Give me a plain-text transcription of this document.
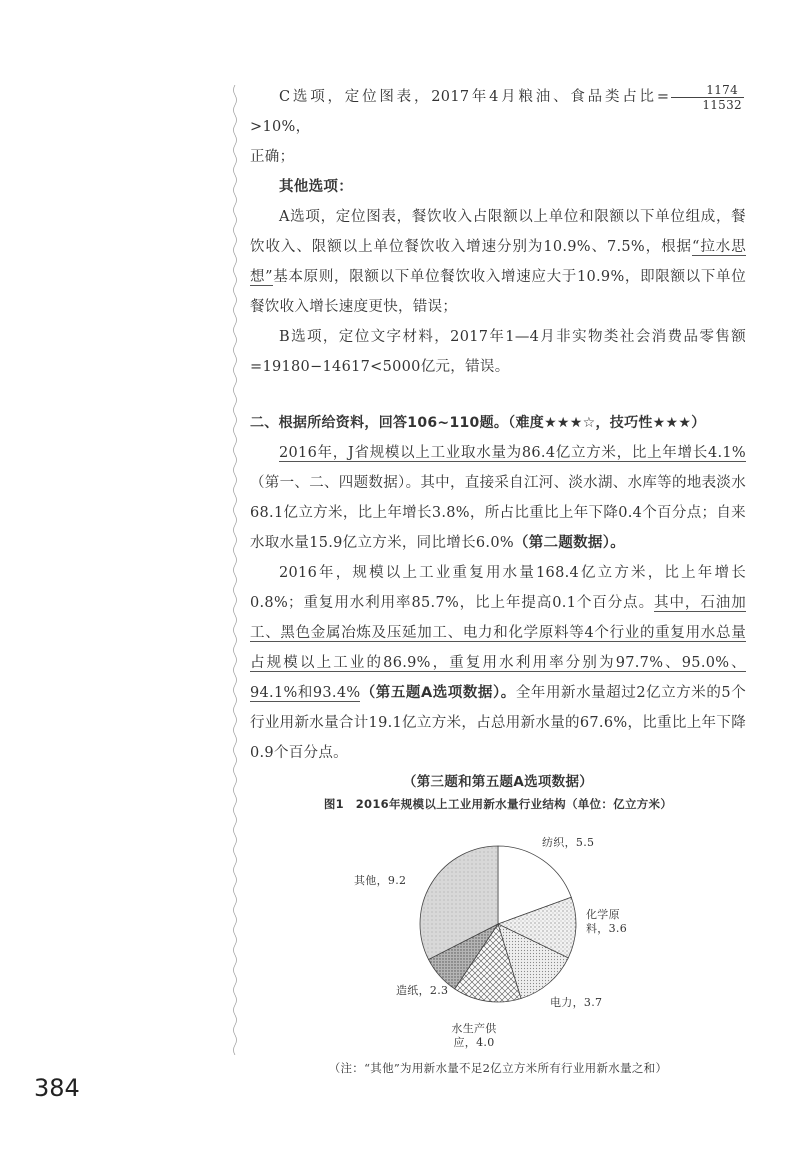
C选项，定位图表，2017年4月粮油、食品类占比= $\frac{1174}{11532}$
>10%，

正确；

其他选项：

A选项，定位图表，餐饮收入占限额以上单位和限额以下单位组成，餐饮收入、限额以上单位餐饮收入增速分别为10.9%、7.5%，根据“拉水思想”基本原则，限额以下单位餐饮收入增速应大于10.9%，即限额以下单位餐饮收入增长速度更快，错误；

B选项，定位文字材料，2017年1—4月非实物类社会消费品零售额=19180−14617<5000亿元，错误。

二、根据所给资料，回答106~110题。（难度★★★☆，技巧性★★★）

2016年，J省规模以上工业取水量为86.4亿立方米，比上年增长4.1%（第一、二、四题数据）。其中，直接采自江河、淡水湖、水库等的地表淡水68.1亿立方米，比上年增长3.8%，所占比重比上年下降0.4个百分点；自来水取水量15.9亿立方米，同比增长6.0%（第二题数据）。

2016年，规模以上工业重复用水量168.4亿立方米，比上年增长0.8%；重复用水利用率85.7%，比上年提高0.1个百分点。其中，石油加工、黑色金属冶炼及压延加工、电力和化学原料等4个行业的重复用水总量占规模以上工业的86.9%，重复用水利用率分别为97.7%、95.0%、94.1%和93.4%（第五题A选项数据）。全年用新水量超过2亿立方米的5个行业用新水量合计19.1亿立方米，占总用新水量的67.6%，比重比上年下降0.9个百分点。

（第三题和第五题A选项数据）
图1　2016年规模以上工业用新水量行业结构（单位：亿立方米）
纺织，5.5
化学原料，3.6
电力，3.7
水生产供应，4.0
造纸，2.3
其他，9.2
（注：“其他”为用新水量不足2亿立方米所有行业用新水量之和）
384
